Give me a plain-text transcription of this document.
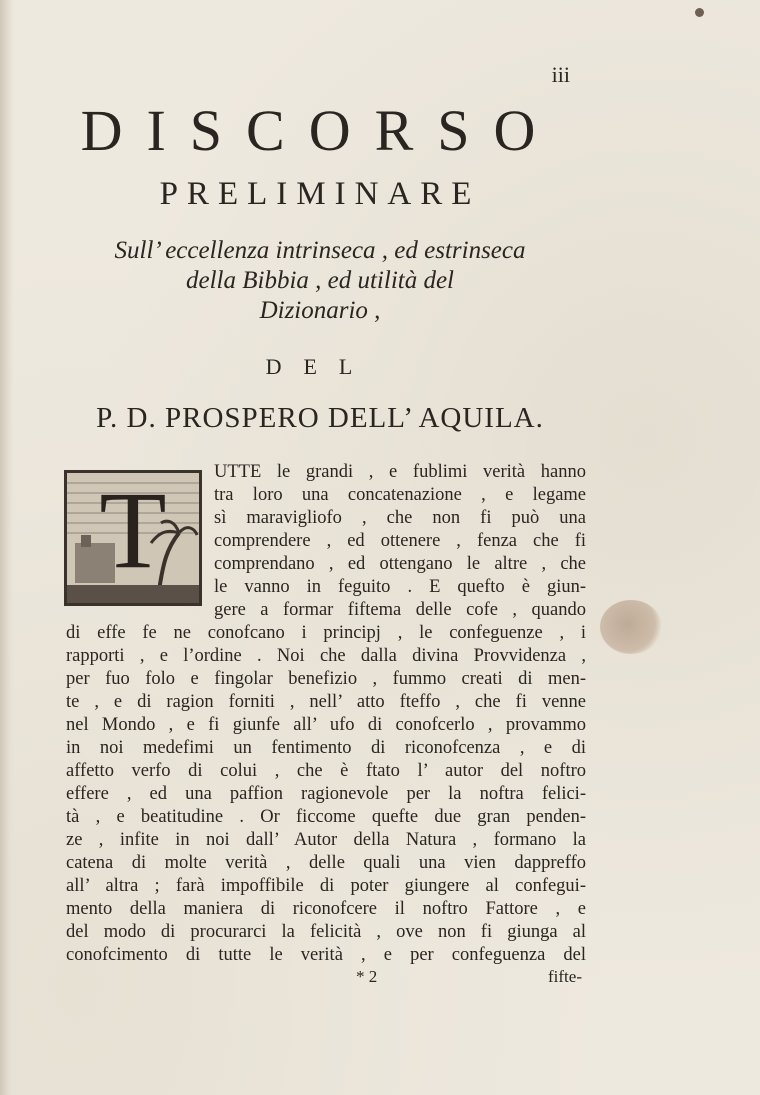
iii
DISCORSO
PRELIMINARE
Sull’ eccellenza intrinseca , ed estrinseca
della Bibbia , ed utilità del
Dizionario ,
DEL
P. D. PROSPERO DELL’ AQUILA.
T	UTTE le grandi , e fublimi verità hanno
tra loro una concatenazione , e legame
sì maravigliofo , che non fi può una
comprendere , ed ottenere , fenza che fi
comprendano , ed ottengano le altre , che
le vanno in feguito . E quefto è giun-
gere a formar fiftema delle cofe , quando
di effe fe ne conofcano i principj , le confeguenze , i
rapporti , e l’ordine . Noi che dalla divina Provvidenza ,
per fuo folo e fingolar benefizio , fummo creati di men-
te , e di ragion forniti , nell’ atto fteffo , che fi venne
nel Mondo , e fi giunfe all’ ufo di conofcerlo , provammo
in noi medefimi un fentimento di riconofcenza , e di
affetto verfo di colui , che è ftato l’ autor del noftro
effere , ed una paffion ragionevole per la noftra felici-
tà , e beatitudine . Or ficcome quefte due gran penden-
ze , infite in noi dall’ Autor della Natura , formano la
catena di molte verità , delle quali una vien dappreffo
all’ altra ; farà impoffibile di poter giungere al confegui-
mento della maniera di riconofcere il noftro Fattore , e
del modo di procurarci la felicità , ove non fi giunga al
conofcimento di tutte le verità , e per confeguenza del
* 2	fifte-
